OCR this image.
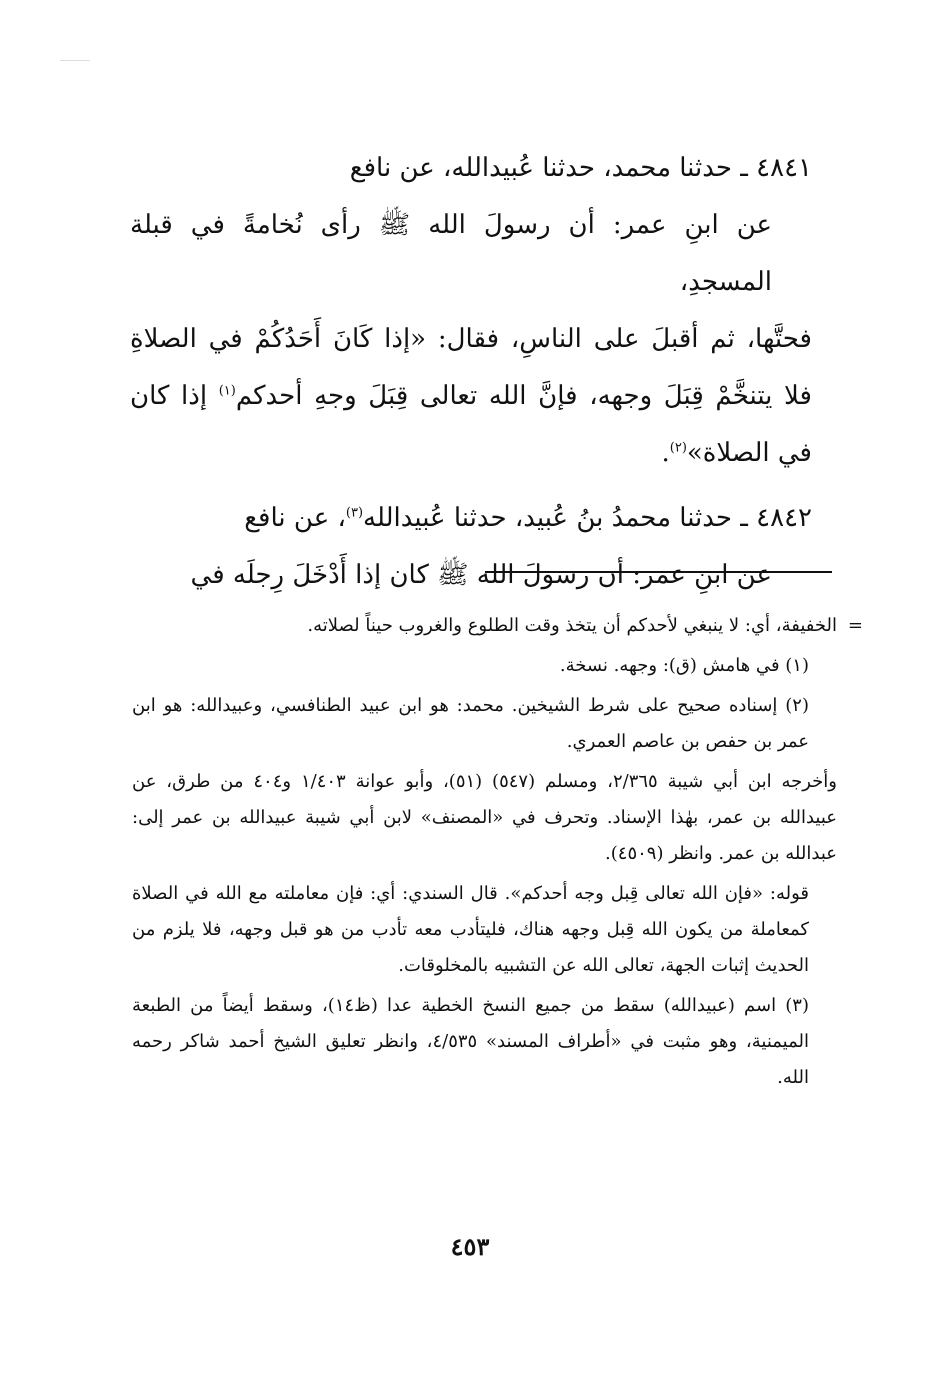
٤٨٤١ ـ حدثنا محمد، حدثنا عُبيدالله، عن نافع
عن ابنِ عمر: أن رسولَ الله ﷺ رأى نُخامةً في قبلة المسجدِ،
فحتَّها، ثم أقبلَ على الناسِ، فقال: «إذا كَانَ أَحَدُكُمْ في الصلاةِ فلا يتنخَّمْ قِبَلَ وجهه، فإنَّ الله تعالى قِبَلَ وجهِ أحدكم$^{(١)}$ إذا كان في الصلاة»$^{(٢)}$.
٤٨٤٢ ـ حدثنا محمدُ بنُ عُبيد، حدثنا عُبيدالله$^{(٣)}$، عن نافع
عن ابنِ عمر: أن رسولَ الله ﷺ كان إذا أَدْخَلَ رِجلَه في

=
الخفيفة، أي: لا ينبغي لأحدكم أن يتخذ وقت الطلوع والغروب حيناً لصلاته.

(١) في هامش (ق): وجهه. نسخة.

(٢) إسناده صحيح على شرط الشيخين. محمد: هو ابن عبيد الطنافسي، وعبيدالله: هو ابن عمر بن حفص بن عاصم العمري.

وأخرجه ابن أبي شيبة ٢/٣٦٥، ومسلم (٥٤٧) (٥١)، وأبو عوانة ١/٤٠٣ و٤٠٤ من طرق، عن عبيدالله بن عمر، بهٰذا الإسناد. وتحرف في «المصنف» لابن أبي شيبة عبيدالله بن عمر إلى: عبدالله بن عمر. وانظر (٤٥٠٩).

قوله: «فإن الله تعالى قِبل وجه أحدكم». قال السندي: أي: فإن معاملته مع الله في الصلاة كمعاملة من يكون الله قِبل وجهه هناك، فليتأدب معه تأدب من هو قبل وجهه، فلا يلزم من الحديث إثبات الجهة، تعالى الله عن التشبيه بالمخلوقات.

(٣) اسم (عبيدالله) سقط من جميع النسخ الخطية عدا (ظ١٤)، وسقط أيضاً من الطبعة الميمنية، وهو مثبت في «أطراف المسند» ٤/٥٣٥، وانظر تعليق الشيخ أحمد شاكر رحمه الله.

٤٥٣
